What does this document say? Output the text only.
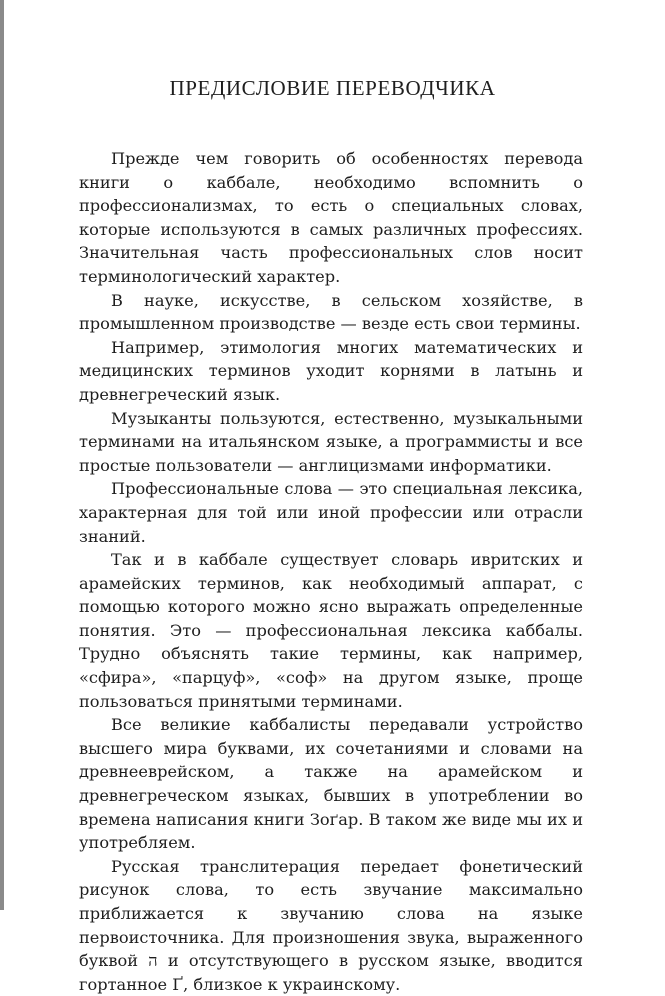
ПРЕДИСЛОВИЕ ПЕРЕВОДЧИКА

Прежде чем говорить об особенностях перевода книги о каббале, необходимо вспомнить о профессионализмах, то есть о специальных словах, которые используются в самых различных профессиях. Значительная часть профессиональных слов носит терминологический характер.

В науке, искусстве, в сельском хозяйстве, в промышленном производстве — везде есть свои термины.

Например, этимология многих математических и медицинских терминов уходит корнями в латынь и древнегреческий язык.

Музыканты пользуются, естественно, музыкальными терминами на итальянском языке, а программисты и все простые пользователи — англицизмами информатики.

Профессиональные слова — это специальная лексика, характерная для той или иной профессии или отрасли знаний.

Так и в каббале существует словарь ивритских и арамейских терминов, как необходимый аппарат, с помощью которого можно ясно выражать определенные понятия. Это — профессиональная лексика каббалы. Трудно объяснять такие термины, как например, «сфира», «парцуф», «соф» на другом языке, проще пользоваться принятыми терминами.

Все великие каббалисты передавали устройство высшего мира буквами, их сочетаниями и словами на древнееврейском, а также на арамейском и древнегреческом языках, бывших в употреблении во времена написания книги Зоґар. В таком же виде мы их и употребляем.

Русская транслитерация передает фонетический рисунок слова, то есть звучание максимально приближается к звучанию слова на языке первоисточника. Для произношения звука, выраженного буквой ה и отсутствующего в русском языке, вводится гортанное Ґ, близкое к украинскому.
